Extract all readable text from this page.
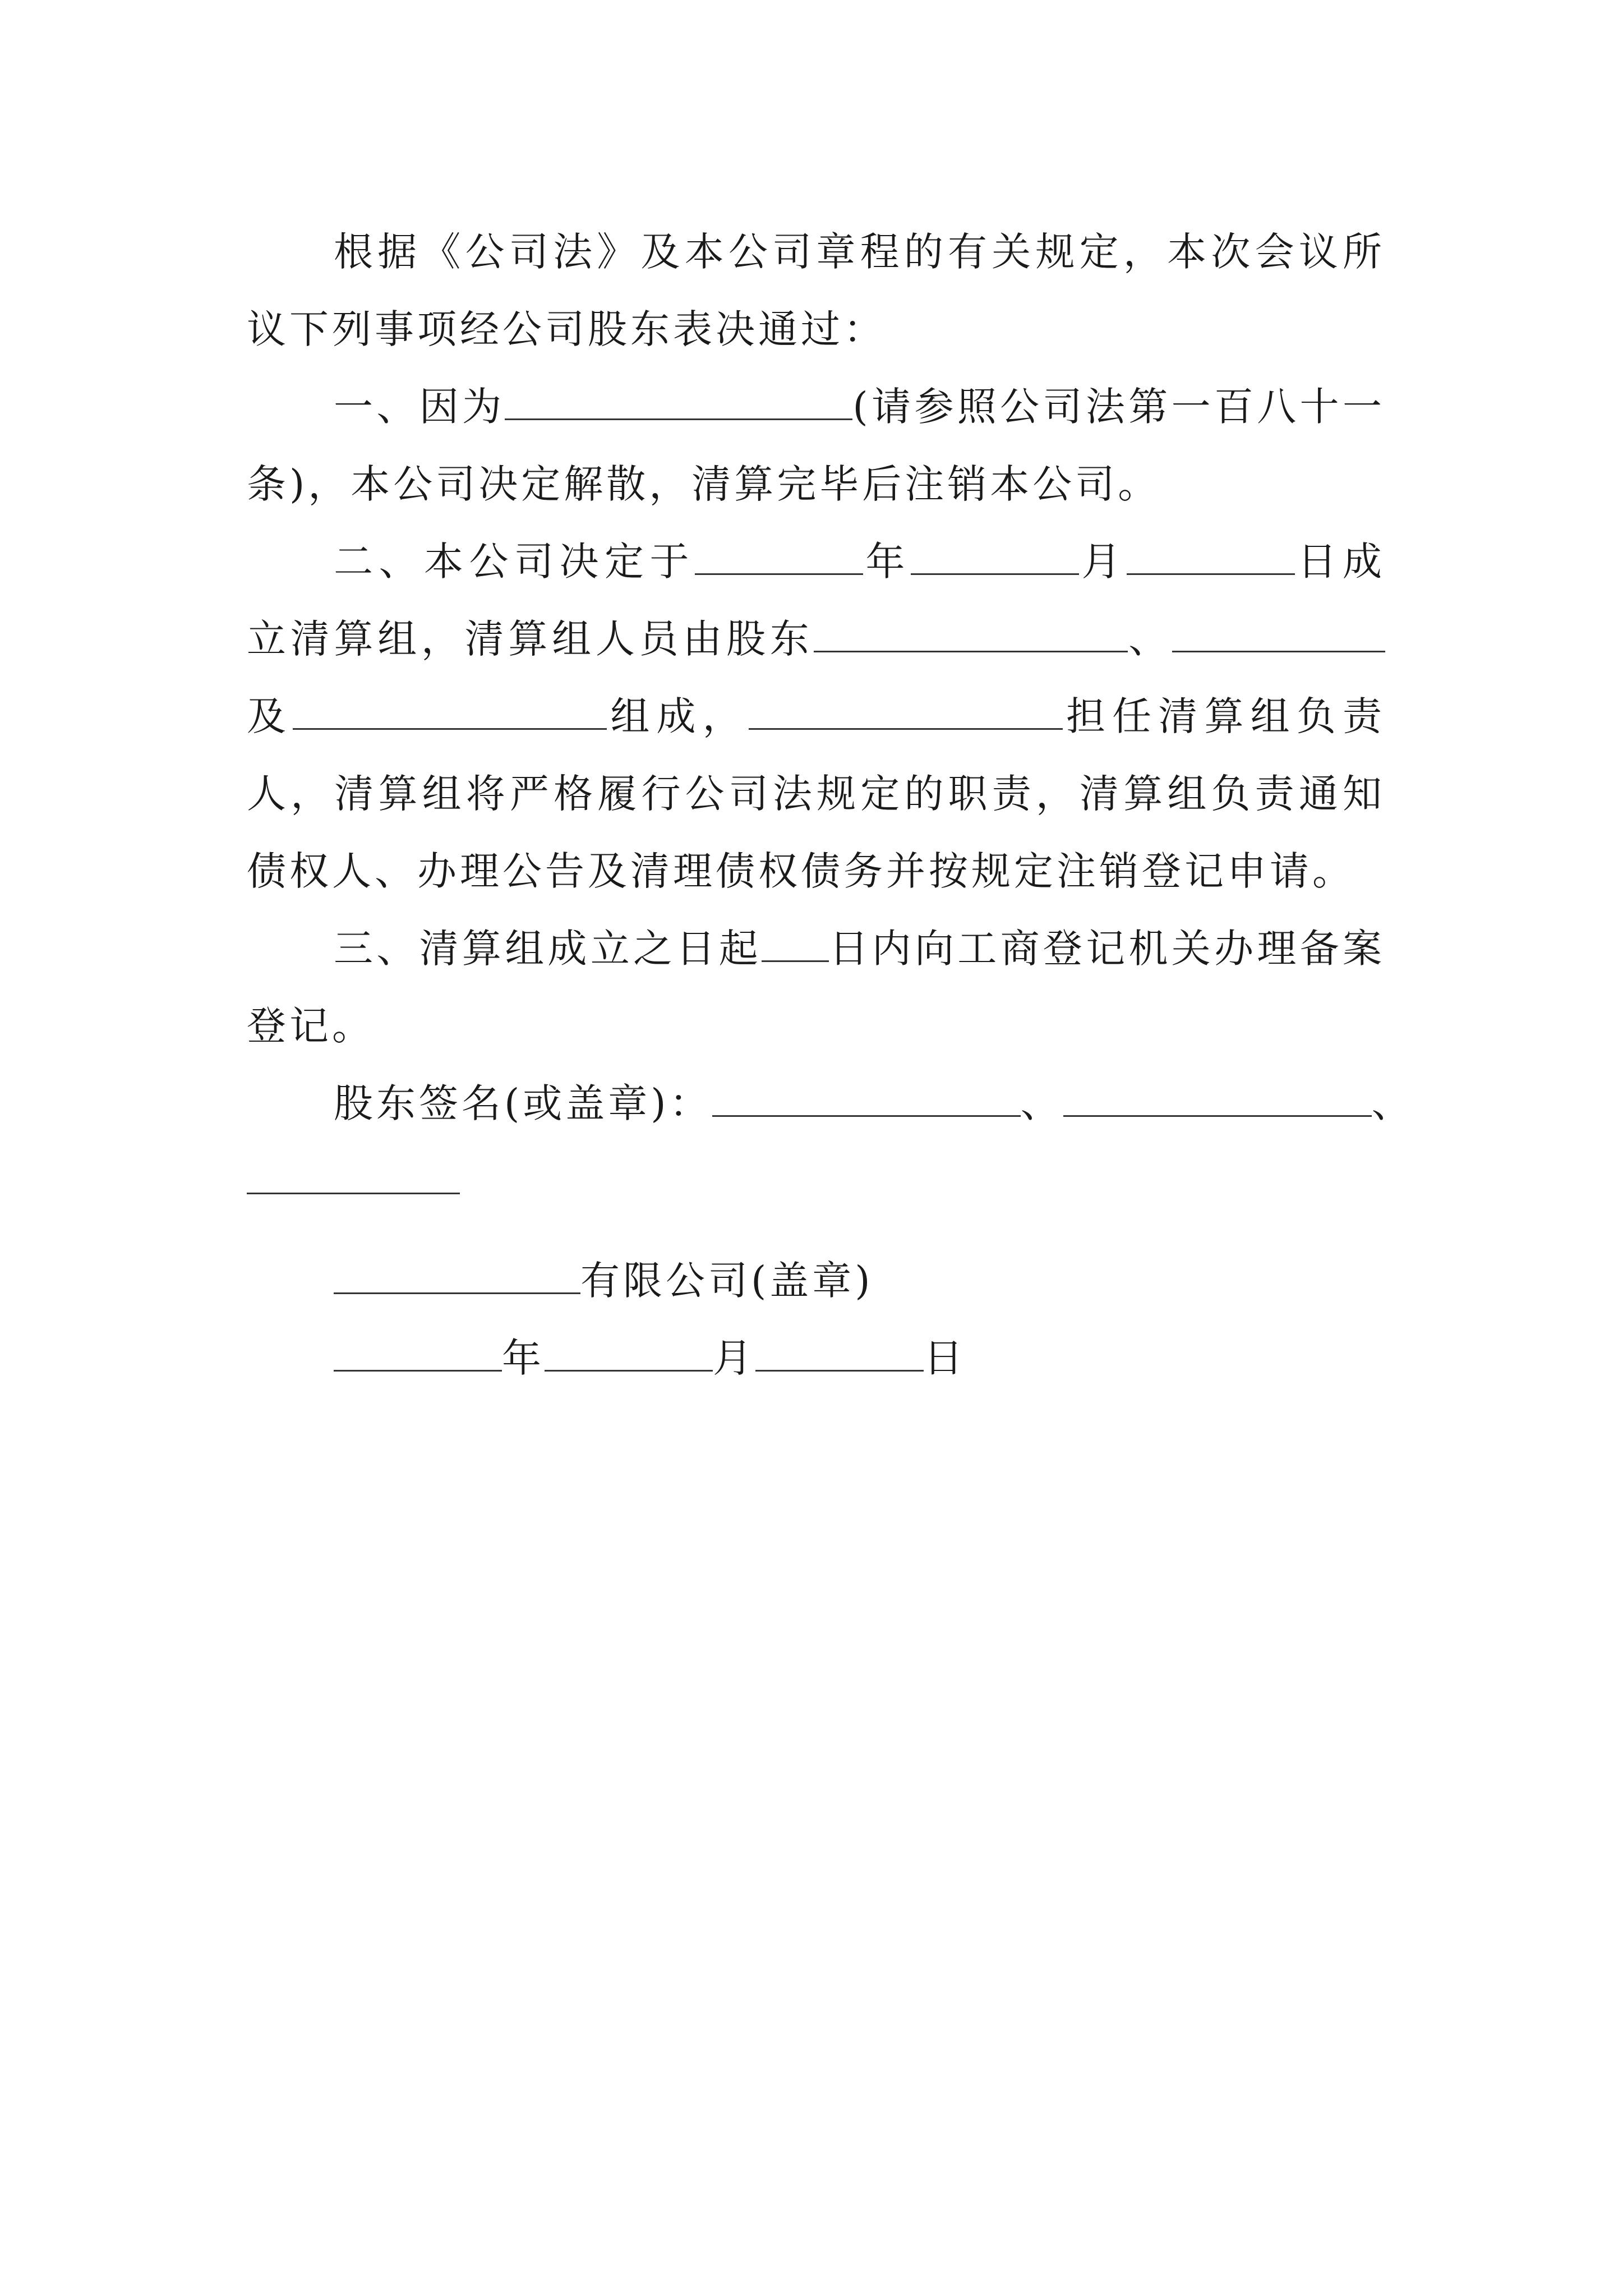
根据《公司法》及本公司章程的有关规定，本次会议所议下列事项经公司股东表决通过：

一、因为	(请参照公司法第一百八十一条)，本公司决定解散，清算完毕后注销本公司。

二、本公司决定于	年	月	日成立清算组，清算组人员由股东	、及	组成，	担任清算组负责人，清算组将严格履行公司法规定的职责，清算组负责通知债权人、办理公告及清理债权债务并按规定注销登记申请。

三、清算组成立之日起 日内向工商登记机关办理备案登记。

股东签名(或盖章)：	、	、

有限公司(盖章)

年	月	日
